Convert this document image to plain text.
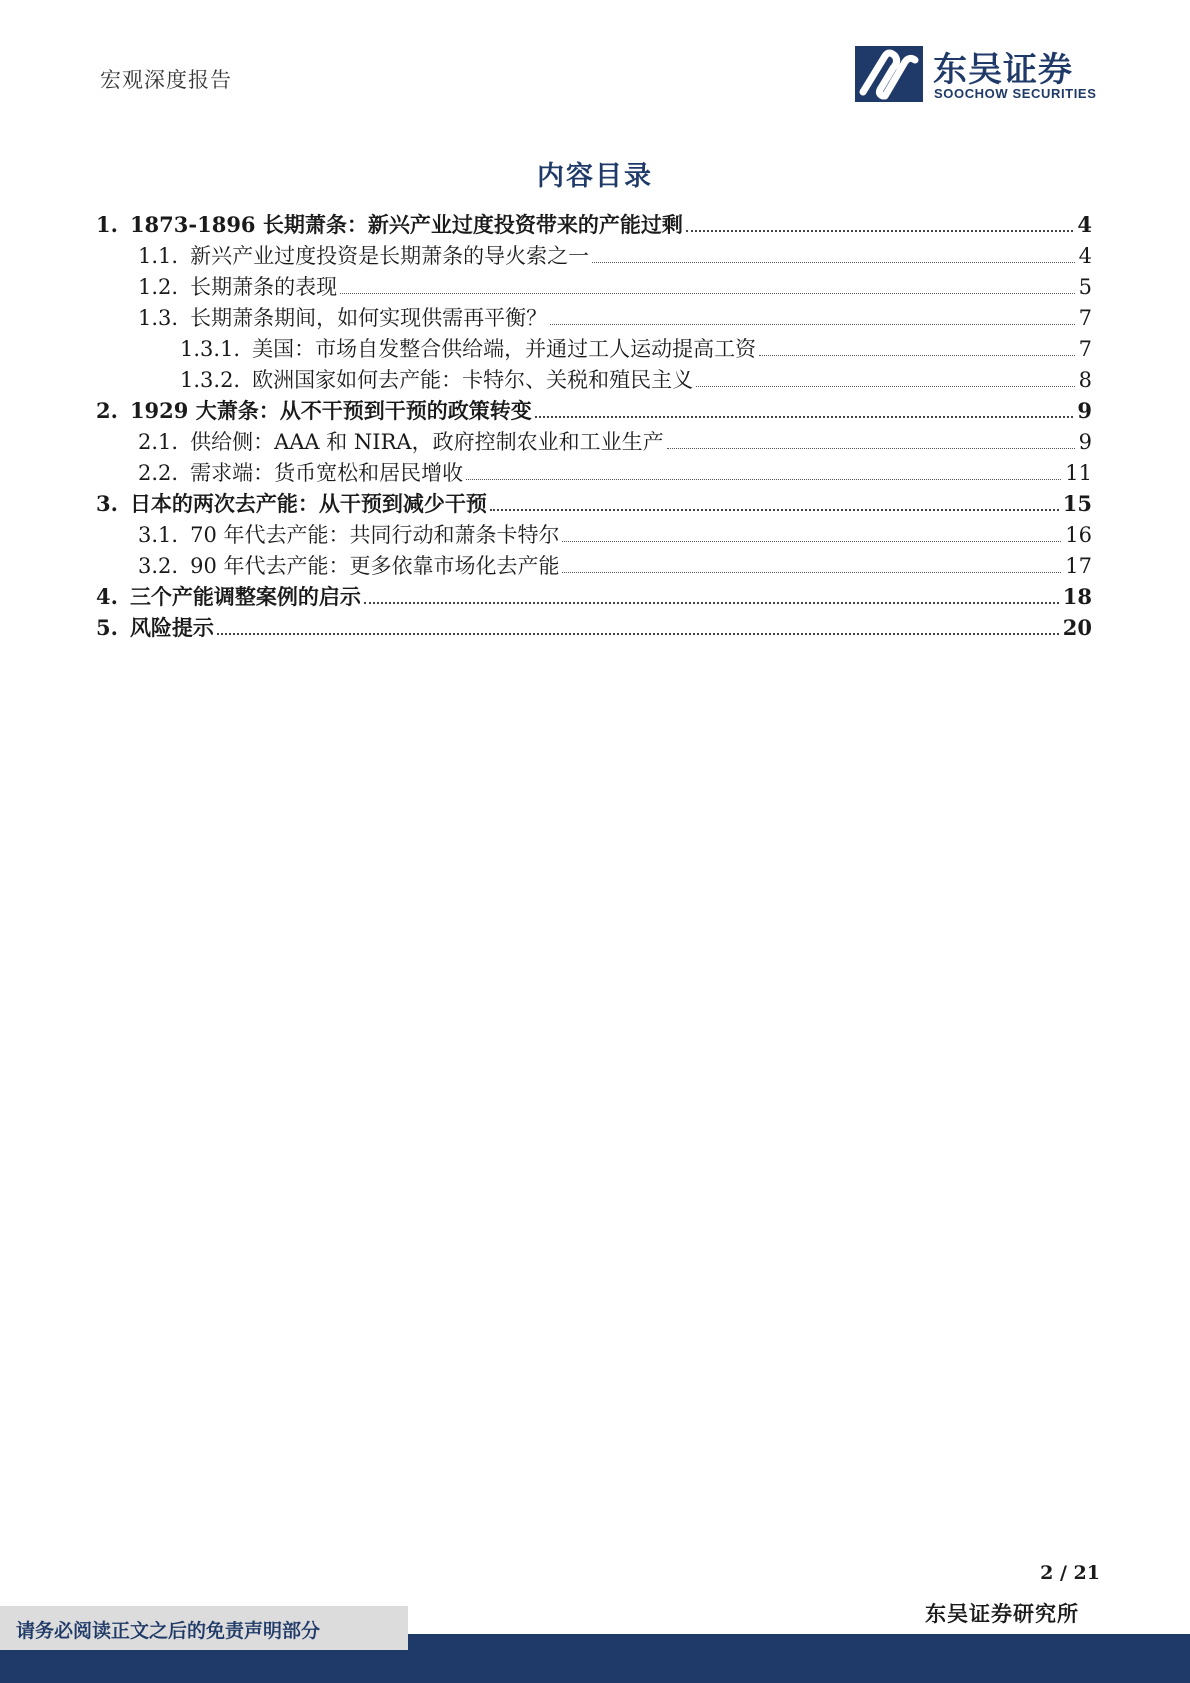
宏观深度报告	东吴证券
SOOCHOW SECURITIES
内容目录
1. 1873-1896 长期萧条：新兴产业过度投资带来的产能过剩	4
1.1. 新兴产业过度投资是长期萧条的导火索之一	4
1.2. 长期萧条的表现	5
1.3. 长期萧条期间，如何实现供需再平衡？	7
1.3.1. 美国：市场自发整合供给端，并通过工人运动提高工资	7
1.3.2. 欧洲国家如何去产能：卡特尔、关税和殖民主义	8
2. 1929 大萧条：从不干预到干预的政策转变	9
2.1. 供给侧：AAA 和 NIRA，政府控制农业和工业生产	9
2.2. 需求端：货币宽松和居民增收	11
3. 日本的两次去产能：从干预到减少干预	15
3.1. 70 年代去产能：共同行动和萧条卡特尔	16
3.2. 90 年代去产能：更多依靠市场化去产能	17
4. 三个产能调整案例的启示	18
5. 风险提示	20
2 / 21
东吴证券研究所
请务必阅读正文之后的免责声明部分
